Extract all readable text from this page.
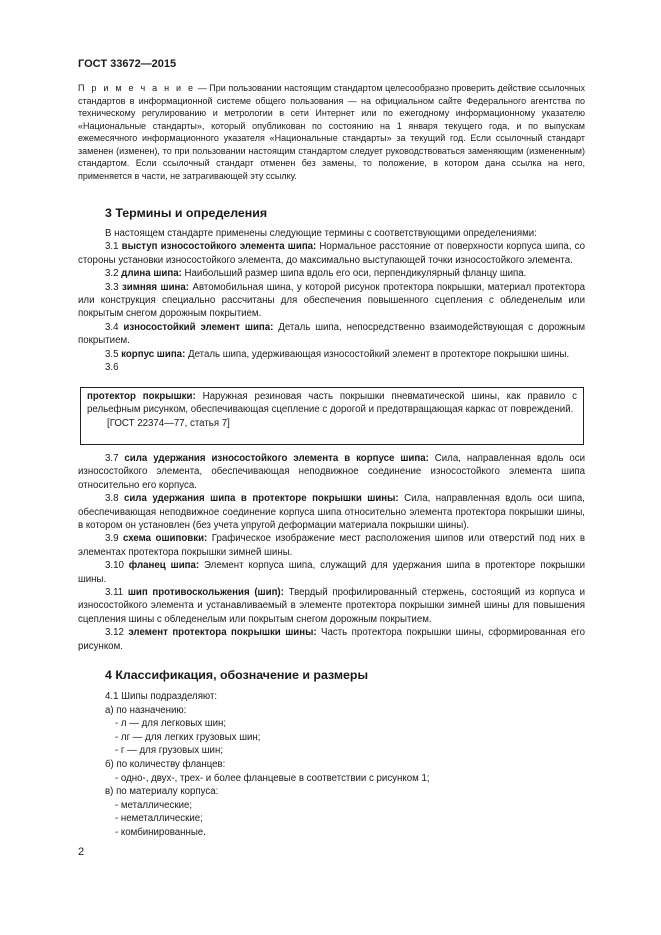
ГОСТ 33672—2015
П р и м е ч а н и е — При пользовании настоящим стандартом целесообразно проверить действие ссылочных стандартов в информационной системе общего пользования — на официальном сайте Федерального агентства по техническому регулированию и метрологии в сети Интернет или по ежегодному информационному указателю «Национальные стандарты», который опубликован по состоянию на 1 января текущего года, и по выпускам ежемесячного информационного указателя «Национальные стандарты» за текущий год. Если ссылочный стандарт заменен (изменен), то при пользовании настоящим стандартом следует руководствоваться заменяющим (измененным) стандартом. Если ссылочный стандарт отменен без замены, то положение, в котором дана ссылка на него, применяется в части, не затрагивающей эту ссылку.
3 Термины и определения

В настоящем стандарте применены следующие термины с соответствующими определениями:

3.1 выступ износостойкого элемента шипа: Нормальное расстояние от поверхности корпуса шипа, со стороны установки износостойкого элемента, до максимально выступающей точки износостойкого элемента.

3.2 длина шипа: Наибольший размер шипа вдоль его оси, перпендикулярный фланцу шипа.

3.3 зимняя шина: Автомобильная шина, у которой рисунок протектора покрышки, материал протектора или конструкция специально рассчитаны для обеспечения повышенного сцепления с обледенелым или покрытым снегом дорожным покрытием.

3.4 износостойкий элемент шипа: Деталь шипа, непосредственно взаимодействующая с дорожным покрытием.

3.5 корпус шипа: Деталь шипа, удерживающая износостойкий элемент в протекторе покрышки шины.

3.6

протектор покрышки: Наружная резиновая часть покрышки пневматической шины, как правило с рельефным рисунком, обеспечивающая сцепление с дорогой и предотвращающая каркас от повреждений.

[ГОСТ 22374—77, статья 7]

3.7 сила удержания износостойкого элемента в корпусе шипа: Сила, направленная вдоль оси износостойкого элемента, обеспечивающая неподвижное соединение износостойкого элемента шипа относительно его корпуса.

3.8 сила удержания шипа в протекторе покрышки шины: Сила, направленная вдоль оси шипа, обеспечивающая неподвижное соединение корпуса шипа относительно элемента протектора покрышки шины, в котором он установлен (без учета упругой деформации материала покрышки шины).

3.9 схема ошиповки: Графическое изображение мест расположения шипов или отверстий под них в элементах протектора покрышки зимней шины.

3.10 фланец шипа: Элемент корпуса шипа, служащий для удержания шипа в протекторе покрышки шины.

3.11 шип противоскольжения (шип): Твердый профилированный стержень, состоящий из корпуса и износостойкого элемента и устанавливаемый в элементе протектора покрышки зимней шины для повышения сцепления шины с обледенелым или покрытым снегом дорожным покрытием.

3.12 элемент протектора покрышки шины: Часть протектора покрышки шины, сформированная его рисунком.

4 Классификация, обозначение и размеры
4.1 Шипы подразделяют:
а) по назначению:
- л — для легковых шин;
- лг — для легких грузовых шин;
- г — для грузовых шин;
б) по количеству фланцев:
- одно-, двух-, трех- и более фланцевые в соответствии с рисунком 1;
в) по материалу корпуса:
- металлические;
- неметаллические;
- комбинированные.
2
